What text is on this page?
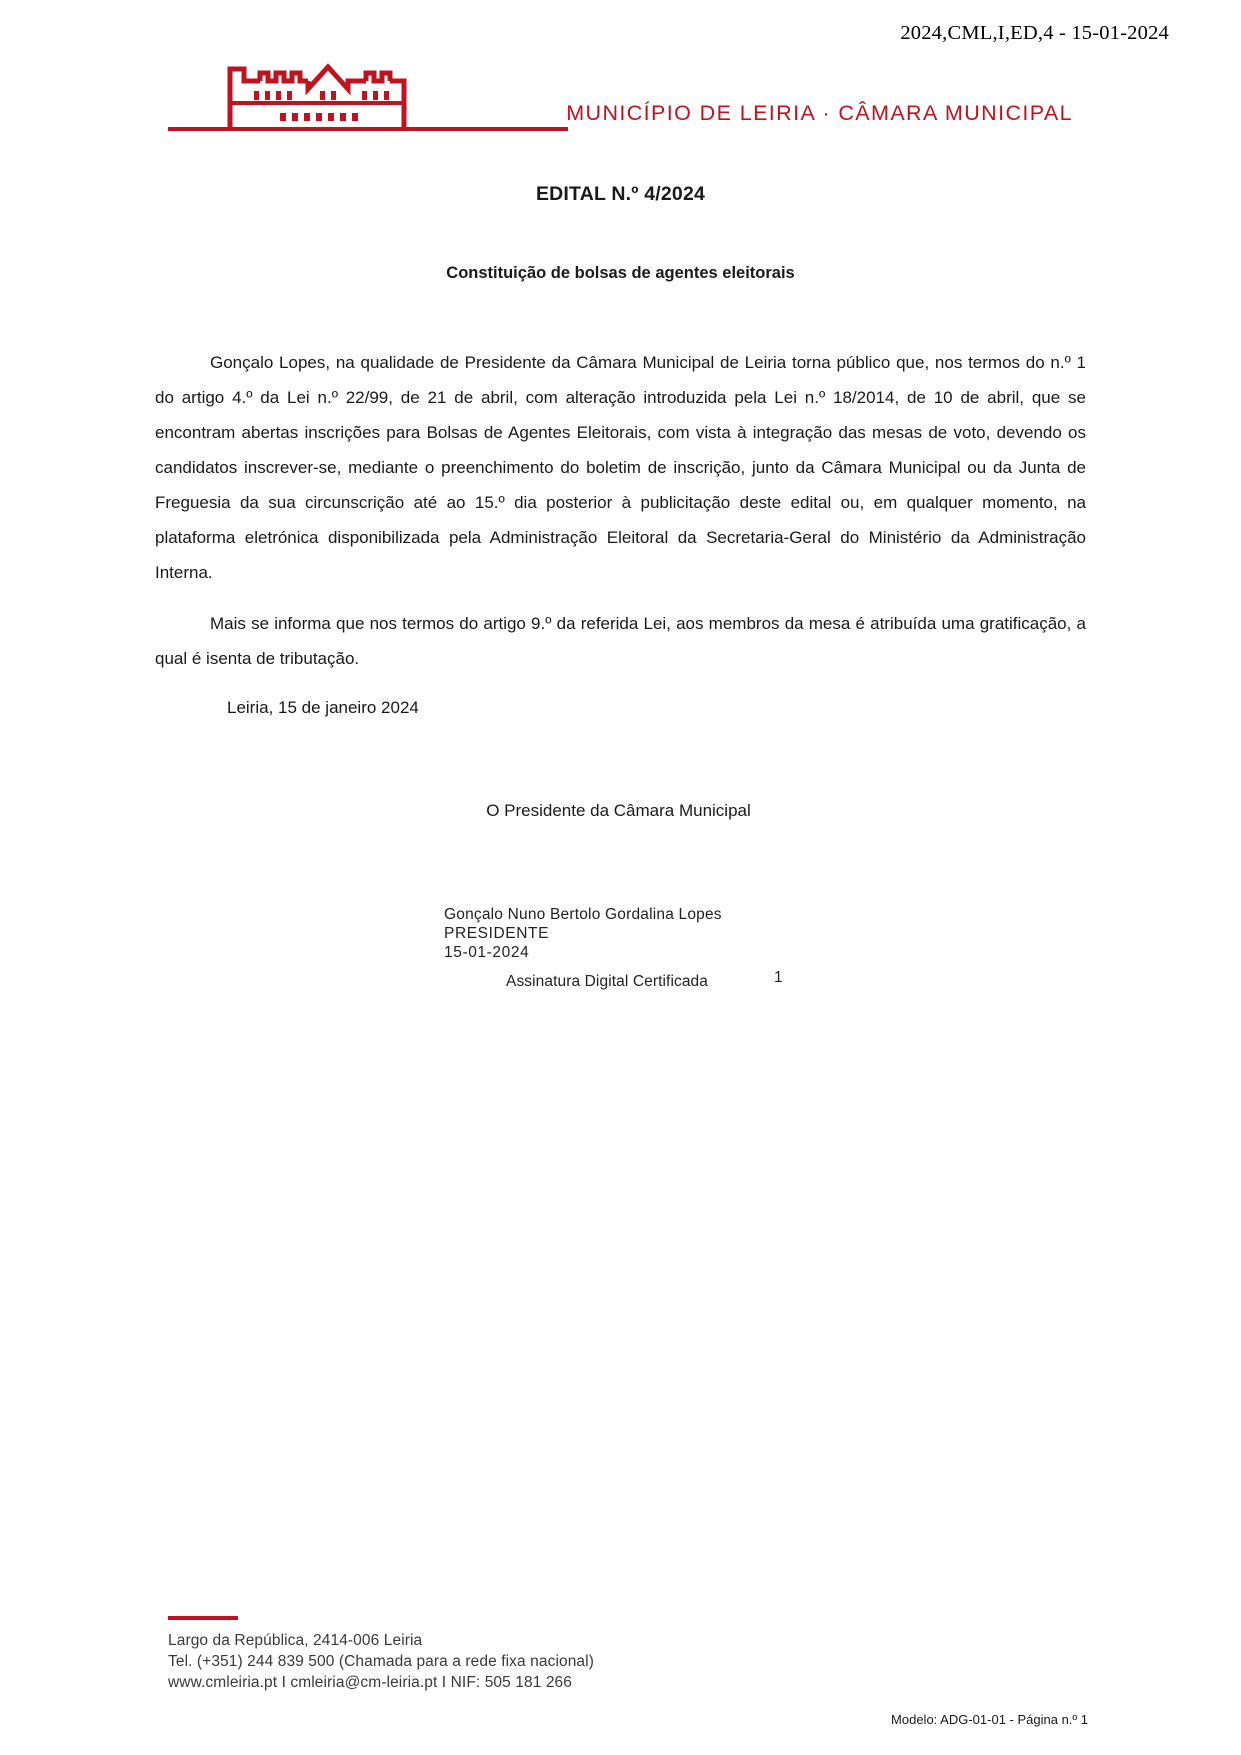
2024,CML,I,ED,4 - 15-01-2024
MUNICÍPIO DE LEIRIA · CÂMARA MUNICIPAL
EDITAL N.º 4/2024
Constituição de bolsas de agentes eleitorais

Gonçalo Lopes, na qualidade de Presidente da Câmara Municipal de Leiria torna público que, nos termos do n.º 1 do artigo 4.º da Lei n.º 22/99, de 21 de abril, com alteração introduzida pela Lei n.º 18/2014, de 10 de abril, que se encontram abertas inscrições para Bolsas de Agentes Eleitorais, com vista à integração das mesas de voto, devendo os candidatos inscrever-se, mediante o preenchimento do boletim de inscrição, junto da Câmara Municipal ou da Junta de Freguesia da sua circunscrição até ao 15.º dia posterior à publicitação deste edital ou, em qualquer momento, na plataforma eletrónica disponibilizada pela Administração Eleitoral da Secretaria-Geral do Ministério da Administração Interna.

Mais se informa que nos termos do artigo 9.º da referida Lei, aos membros da mesa é atribuída uma gratificação, a qual é isenta de tributação.

Leiria, 15 de janeiro 2024

O Presidente da Câmara Municipal

Gonçalo Nuno Bertolo Gordalina Lopes
PRESIDENTE
15-01-2024
Assinatura Digital Certificada	1
Largo da República, 2414-006 Leiria
Tel. (+351) 244 839 500 (Chamada para a rede fixa nacional)
www.cmleiria.pt I cmleiria@cm-leiria.pt I NIF: 505 181 266
Modelo: ADG-01-01 - Página n.º 1
